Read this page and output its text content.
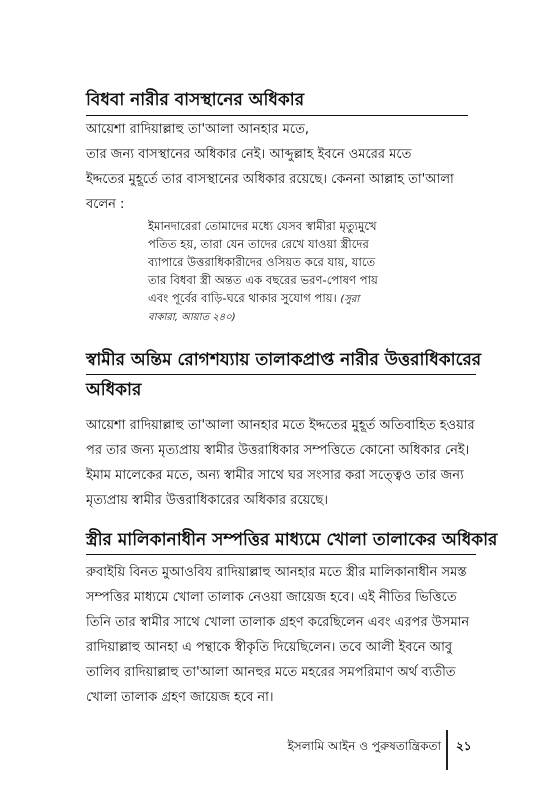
বিধবা নারীর বাসস্থানের অধিকার
আয়েশা রাদিয়াল্লাহু তা'আলা আনহার মতে,
তার জন্য বাসস্থানের অধিকার নেই। আব্দুল্লাহ ইবনে ওমরের মতে
ইদ্দতের মুহূর্তে তার বাসস্থানের অধিকার রয়েছে। কেননা আল্লাহ তা'আলা
বলেন :
ইমানদারেরা তোমাদের মধ্যে যেসব স্বামীরা মৃত্যুমুখে
পতিত হয়, তারা যেন তাদের রেখে যাওয়া স্ত্রীদের
ব্যাপারে উত্তরাধিকারীদের ওসিয়ত করে যায়, যাতে
তার বিধবা স্ত্রী অন্তত এক বছরের ভরণ-পোষণ পায়
এবং পূর্বের বাড়ি-ঘরে থাকার সুযোগ পায়। (সুরা
বাকারা, আয়াত ২৪০)
স্বামীর অন্তিম রোগশয্যায় তালাকপ্রাপ্ত নারীর উত্তরাধিকারের
অধিকার
আয়েশা রাদিয়াল্লাহু তা'আলা আনহার মতে ইদ্দতের মুহূর্ত অতিবাহিত হওয়ার
পর তার জন্য মৃত্যপ্রায় স্বামীর উত্তরাধিকার সম্পত্তিতে কোনো অধিকার নেই।
ইমাম মালেকের মতে, অন্য স্বামীর সাথে ঘর সংসার করা সত্ত্বেও তার জন্য
মৃত্যপ্রায় স্বামীর উত্তরাধিকারের অধিকার রয়েছে।
স্ত্রীর মালিকানাধীন সম্পত্তির মাধ্যমে খোলা তালাকের অধিকার
রুবাইয়ি বিনত মুআওবিয রাদিয়াল্লাহু আনহার মতে স্ত্রীর মালিকানাধীন সমস্ত
সম্পত্তির মাধ্যমে খোলা তালাক নেওয়া জায়েজ হবে। এই নীতির ভিত্তিতে
তিনি তার স্বামীর সাথে খোলা তালাক গ্রহণ করেছিলেন এবং এরপর উসমান
রাদিয়াল্লাহু আনহা এ পন্থাকে স্বীকৃতি দিয়েছিলেন। তবে আলী ইবনে আবু
তালিব রাদিয়াল্লাহু তা'আলা আনহুর মতে মহরের সমপরিমাণ অর্থ ব্যতীত
খোলা তালাক গ্রহণ জায়েজ হবে না।
ইসলামি আইন ও পুরুষতান্ত্রিকতা ২১
